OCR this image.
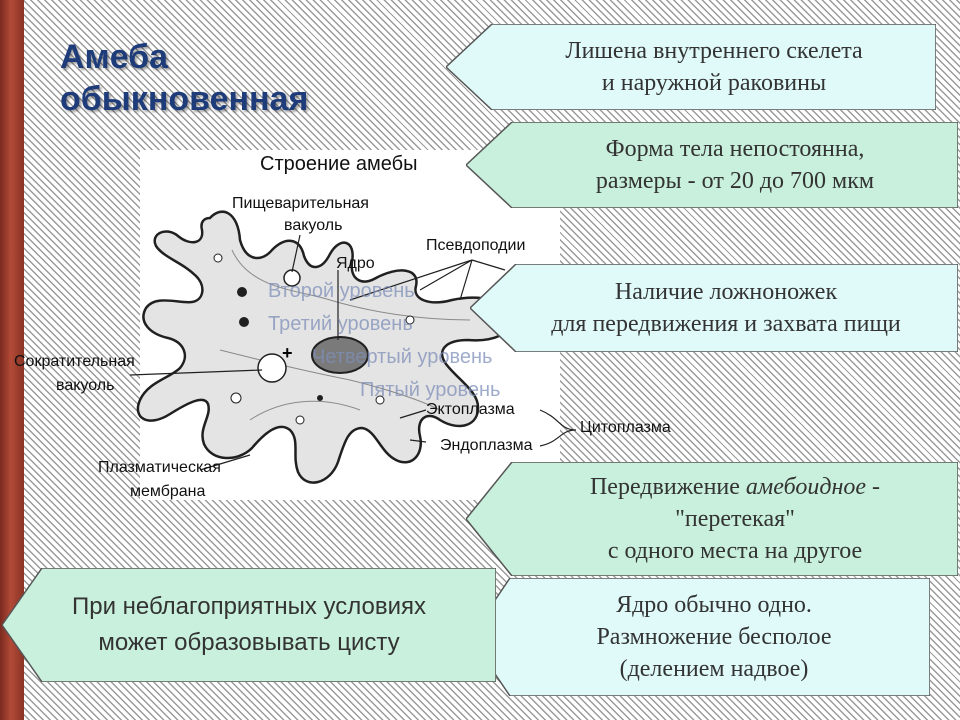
Амеба
обыкновенная
+
Строение амебы
Пищеварительная
вакуоль
Ядро
Псевдоподии
Сократительная
вакуоль
Эктоплазма
Цитоплазма
Эндоплазма
Плазматическая
мембрана
Второй уровень
Третий уровень
Четвертый уровень
Пятый уровень
Лишена внутреннего скелета
и наружной раковины
Форма тела непостоянна,
размеры - от 20 до 700 мкм
Наличие ложноножек
для передвижения и захвата пищи
Передвижение амебоидное -
"перетекая"
с одного места на другое
Ядро обычно одно.
Размножение бесполое
(делением надвое)
При неблагоприятных условиях
может образовывать цисту
